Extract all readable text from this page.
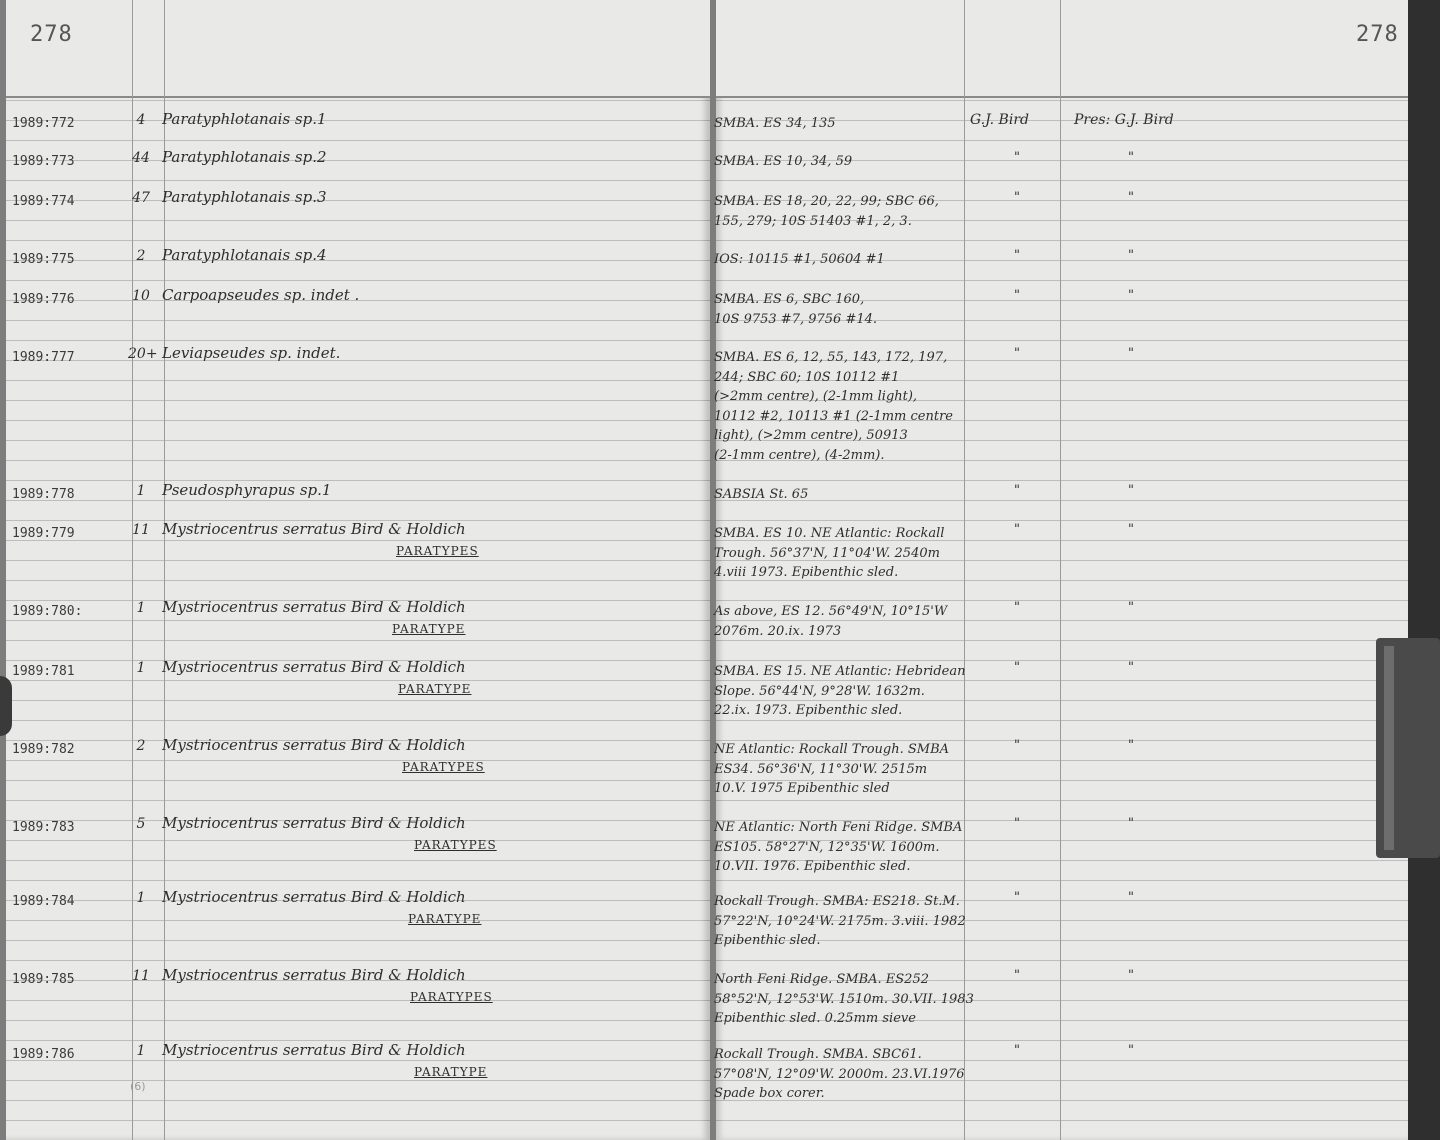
278	278
1989:772	4	Paratyphlotanais sp.1	SMBA. ES 34, 135	G.J. Bird	Pres: G.J. Bird
1989:773	44 Paratyphlotanais sp.2	SMBA. ES 10, 34, 59	"	"
1989:774	47 Paratyphlotanais sp.3	SMBA. ES 18, 20, 22, 99; SBC 66,
155, 279; 10S 51403 #1, 2, 3.
"	"
1989:775	2	Paratyphlotanais sp.4	IOS: 10115 #1, 50604 #1	"	"
1989:776	10 Carpoapseudes sp. indet .	SMBA. ES 6, SBC 160,
10S 9753 #7, 9756 #14.
"	"
1989:777	20+ Leviapseudes sp. indet.	SMBA. ES 6, 12, 55, 143, 172, 197,
244; SBC 60; 10S 10112 #1
(>2mm centre), (2-1mm light),
10112 #2, 10113 #1 (2-1mm centre
light), (>2mm centre), 50913
(2-1mm centre), (4-2mm).
"	"
1989:778	1	Pseudosphyrapus sp.1	SABSIA St. 65	"	"
1989:779	11 Mystriocentrus serratus Bird & Holdich
PARATYPES
SMBA. ES 10. NE Atlantic: Rockall
Trough. 56°37'N, 11°04'W. 2540m
4.viii 1973. Epibenthic sled.
"	"
1989:780:	1	Mystriocentrus serratus Bird & Holdich
PARATYPE
As above, ES 12. 56°49'N, 10°15'W
2076m. 20.ix. 1973
"	"
1989:781	1	Mystriocentrus serratus Bird & Holdich
PARATYPE
SMBA. ES 15. NE Atlantic: Hebridean
Slope. 56°44'N, 9°28'W. 1632m.
22.ix. 1973. Epibenthic sled.
"	"
1989:782	2	Mystriocentrus serratus Bird & Holdich
PARATYPES
NE Atlantic: Rockall Trough. SMBA
ES34. 56°36'N, 11°30'W. 2515m
10.V. 1975 Epibenthic sled
"	"
1989:783	5	Mystriocentrus serratus Bird & Holdich
PARATYPES
NE Atlantic: North Feni Ridge. SMBA
ES105. 58°27'N, 12°35'W. 1600m.
10.VII. 1976. Epibenthic sled.
"	"
1989:784	1	Mystriocentrus serratus Bird & Holdich
PARATYPE
Rockall Trough. SMBA: ES218. St.M.
57°22'N, 10°24'W. 2175m. 3.viii. 1982
Epibenthic sled.
"	"
1989:785	11 Mystriocentrus serratus Bird & Holdich
PARATYPES
North Feni Ridge. SMBA. ES252
58°52'N, 12°53'W. 1510m. 30.VII. 1983
Epibenthic sled. 0.25mm sieve
"	"
1989:786	1	Mystriocentrus serratus Bird & Holdich
PARATYPE
Rockall Trough. SMBA. SBC61.
57°08'N, 12°09'W. 2000m. 23.VI.1976
Spade box corer.
"	"
(6)
